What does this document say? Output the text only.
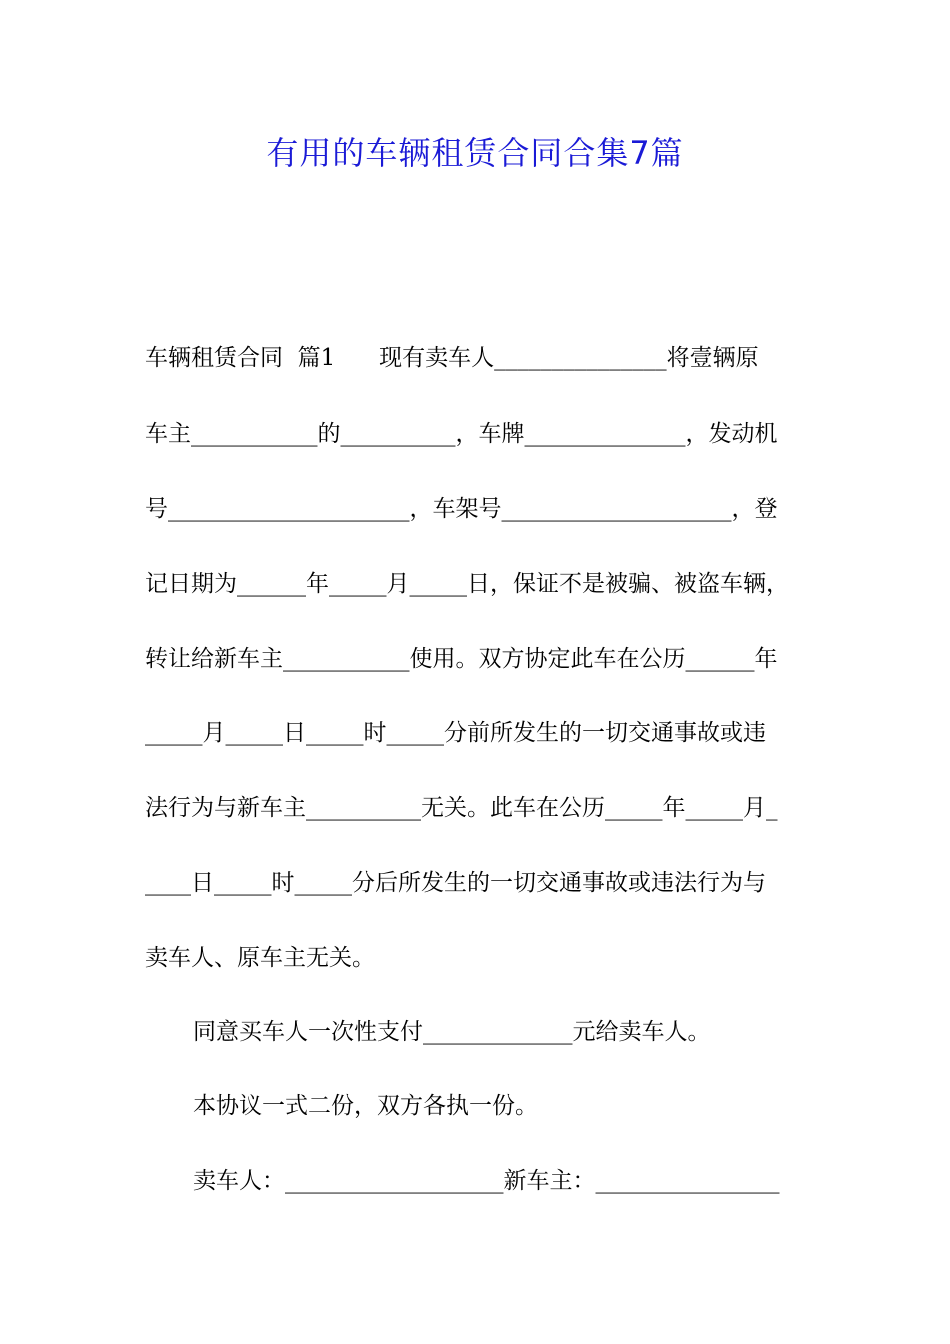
有用的车辆租赁合同合集7篇
车辆租赁合同  篇1      现有卖车人_______________将壹辆原
车主___________的__________，车牌______________，发动机
号_____________________，车架号____________________，登
记日期为______年_____月_____日，保证不是被骗、被盗车辆，
转让给新车主___________使用。双方协定此车在公历______年
_____月_____日_____时_____分前所发生的一切交通事故或违
法行为与新车主__________无关。此车在公历_____年_____月_
____日_____时_____分后所发生的一切交通事故或违法行为与
卖车人、原车主无关。
同意买车人一次性支付_____________元给卖车人。
本协议一式二份，双方各执一份。
卖车人：___________________新车主：________________
